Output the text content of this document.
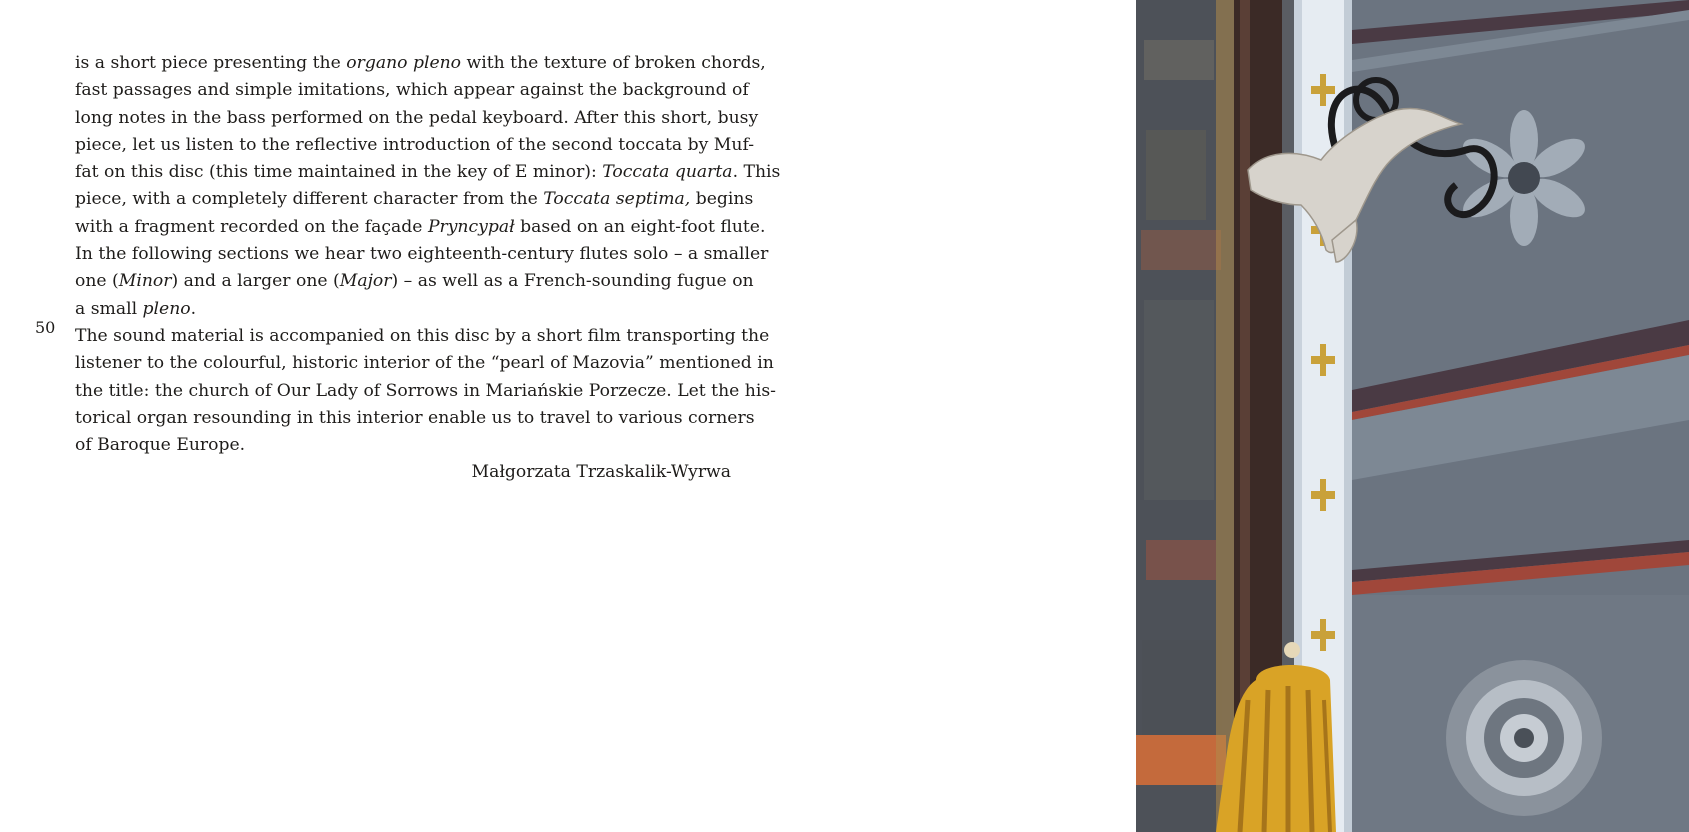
50
is a short piece presenting the organo pleno with the texture of broken chords,
fast passages and simple imitations, which appear against the background of
long notes in the bass performed on the pedal keyboard. After this short, busy
piece, let us listen to the reflective introduction of the second toccata by Muf-
fat on this disc (this time maintained in the key of E minor): Toccata quarta. This
piece, with a completely different character from the Toccata septima, begins
with a fragment recorded on the façade Pryncypał based on an eight-foot flute.
In the following sections we hear two eighteenth-century flutes solo – a smaller
one (Minor) and a larger one (Major) – as well as a French-sounding fugue on
a small pleno.
The sound material is accompanied on this disc by a short film transporting the
listener to the colourful, historic interior of the “pearl of Mazovia” mentioned in
the title: the church of Our Lady of Sorrows in Mariańskie Porzecze. Let the his-
torical organ resounding in this interior enable us to travel to various corners
of Baroque Europe.

Małgorzata Trzaskalik-Wyrwa
